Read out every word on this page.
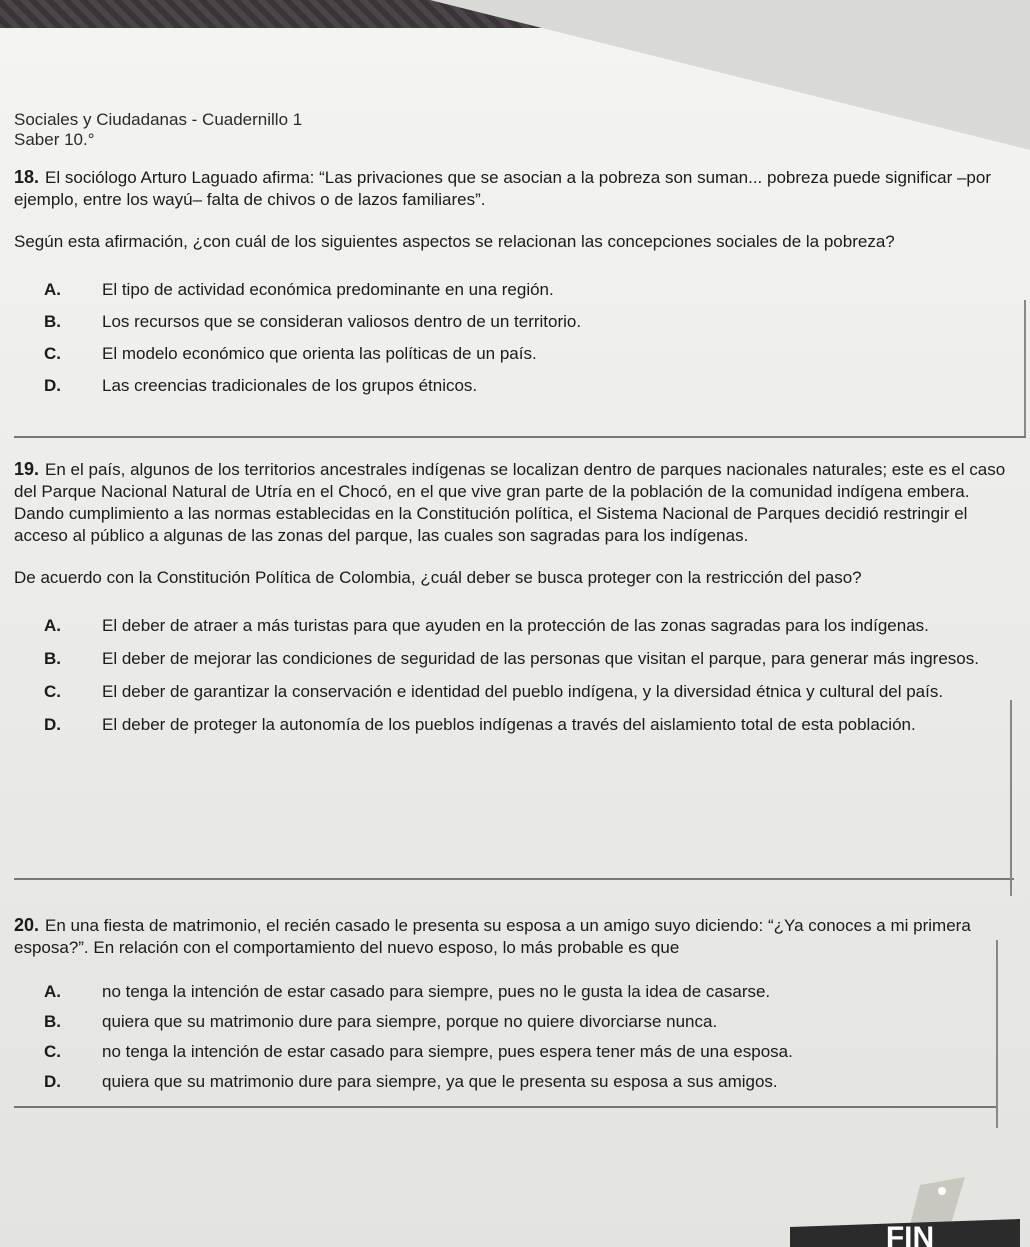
Sociales y Ciudadanas - Cuadernillo 1
Saber 10.°

18. El sociólogo Arturo Laguado afirma: “Las privaciones que se asocian a la pobreza son suman... pobreza puede significar –por ejemplo, entre los wayú– falta de chivos o de lazos familiares”.

Según esta afirmación, ¿con cuál de los siguientes aspectos se relacionan las concepciones sociales de la pobreza?

A.	El tipo de actividad económica predominante en una región.
B.	Los recursos que se consideran valiosos dentro de un territorio.
C.	El modelo económico que orienta las políticas de un país.
D.	Las creencias tradicionales de los grupos étnicos.

19. En el país, algunos de los territorios ancestrales indígenas se localizan dentro de parques nacionales naturales; este es el caso del Parque Nacional Natural de Utría en el Chocó, en el que vive gran parte de la población de la comunidad indígena embera. Dando cumplimiento a las normas establecidas en la Constitución política, el Sistema Nacional de Parques decidió restringir el acceso al público a algunas de las zonas del parque, las cuales son sagradas para los indígenas.

De acuerdo con la Constitución Política de Colombia, ¿cuál deber se busca proteger con la restricción del paso?

A.	El deber de atraer a más turistas para que ayuden en la protección de las zonas sagradas para los indígenas.
B.	El deber de mejorar las condiciones de seguridad de las personas que visitan el parque, para generar más ingresos.
C.	El deber de garantizar la conservación e identidad del pueblo indígena, y la diversidad étnica y cultural del país.
D.	El deber de proteger la autonomía de los pueblos indígenas a través del aislamiento total de esta población.

20. En una fiesta de matrimonio, el recién casado le presenta su esposa a un amigo suyo diciendo: “¿Ya conoces a mi primera esposa?”. En relación con el comportamiento del nuevo esposo, lo más probable es que

A.	no tenga la intención de estar casado para siempre, pues no le gusta la idea de casarse.
B.	quiera que su matrimonio dure para siempre, porque no quiere divorciarse nunca.
C.	no tenga la intención de estar casado para siempre, pues espera tener más de una esposa.
D.	quiera que su matrimonio dure para siempre, ya que le presenta su esposa a sus amigos.
FIN
